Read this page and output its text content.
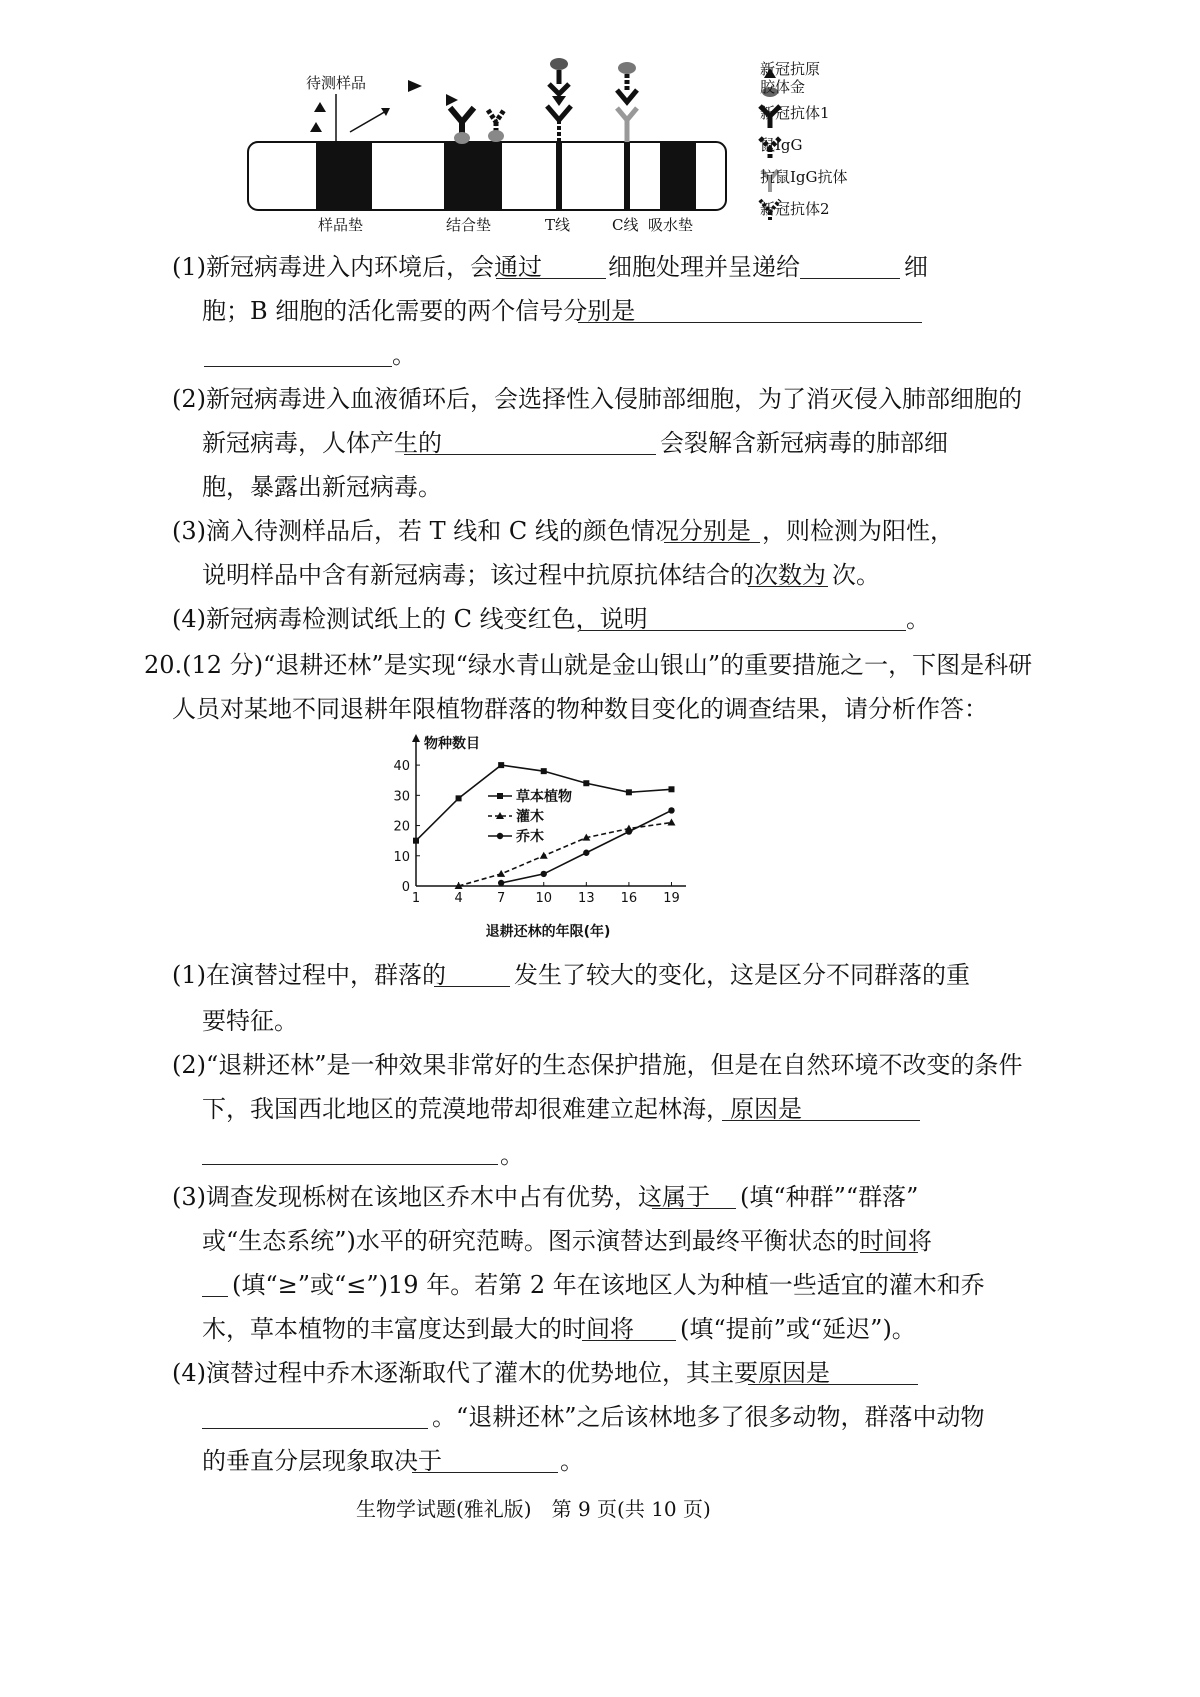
待测样品
新冠抗原
胶体金
新冠抗体1
鼠IgG
抗鼠IgG抗体
新冠抗体2
样品垫	结合垫	T线	C线 吸水垫
(1)新冠病毒进入内环境后，会通过	细胞处理并呈递给	细
胞；B 细胞的活化需要的两个信号分别是
。
(2)新冠病毒进入血液循环后，会选择性入侵肺部细胞，为了消灭侵入肺部细胞的
新冠病毒，人体产生的	会裂解含新冠病毒的肺部细
胞，暴露出新冠病毒。
(3)滴入待测样品后，若 T 线和 C 线的颜色情况分别是 ，则检测为阳性，
说明样品中含有新冠病毒；该过程中抗原抗体结合的次数为 次。
(4)新冠病毒检测试纸上的 C 线变红色，说明	。
20.(12 分)“退耕还林”是实现“绿水青山就是金山银山”的重要措施之一，下图是科研
人员对某地不同退耕年限植物群落的物种数目变化的调查结果，请分析作答：
物种数目
0
10
20
30
40
1	4	7 10 13 16 19
退耕还林的年限(年)
草本植物
灌木
乔木
(1)在演替过程中，群落的	发生了较大的变化，这是区分不同群落的重
要特征。
(2)“退耕还林”是一种效果非常好的生态保护措施，但是在自然环境不改变的条件
下，我国西北地区的荒漠地带却很难建立起林海，原因是
。
(3)调查发现栎树在该地区乔木中占有优势，这属于 (填“种群”“群落”
或“生态系统”)水平的研究范畴。图示演替达到最终平衡状态的时间将
(填“≥”或“≤”)19 年。若第 2 年在该地区人为种植一些适宜的灌木和乔
木，草本植物的丰富度达到最大的时间将 (填“提前”或“延迟”)。
(4)演替过程中乔木逐渐取代了灌木的优势地位，其主要原因是
。“退耕还林”之后该林地多了很多动物，群落中动物
的垂直分层现象取决于	。
生物学试题(雅礼版)　第 9 页(共 10 页)
